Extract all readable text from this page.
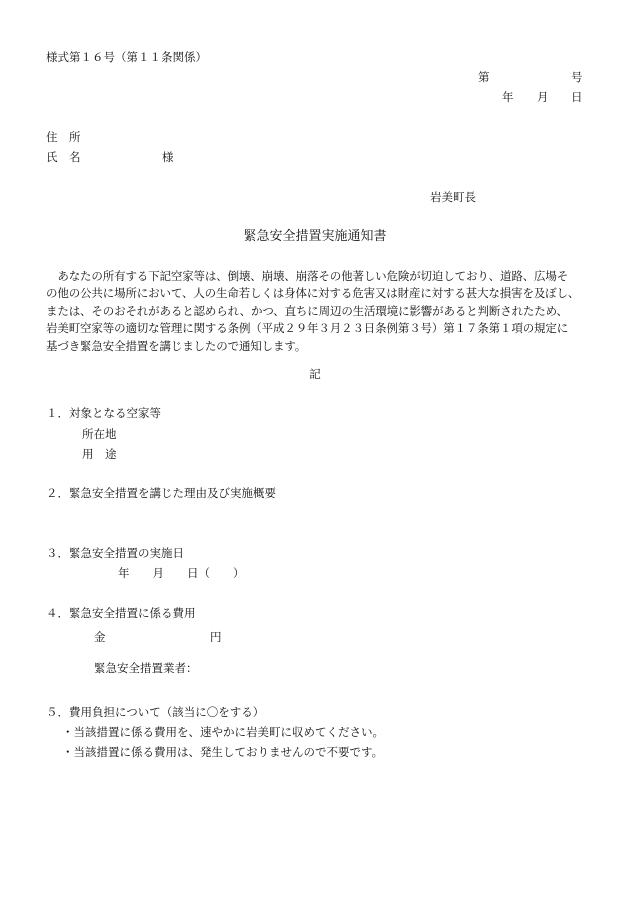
様式第１６号（第１１条関係）
第	号
年 月 日
住　所
氏　名	様
岩美町長
緊急安全措置実施通知書
　あなたの所有する下記空家等は、倒壊、崩壊、崩落その他著しい危険が切迫しており、道路、広場そ
の他の公共に場所において、人の生命若しくは身体に対する危害又は財産に対する甚大な損害を及ぼし、
または、そのおそれがあると認められ、かつ、直ちに周辺の生活環境に影響があると判断されたため、
岩美町空家等の適切な管理に関する条例（平成２９年３月２３日条例第３号）第１７条第１項の規定に
基づき緊急安全措置を講じましたので通知します。
記
１．対象となる空家等
所在地
用　途
２．緊急安全措置を講じた理由及び実施概要
３．緊急安全措置の実施日
年　　月　　日（　　）
４．緊急安全措置に係る費用
金	円
緊急安全措置業者：
５．費用負担について（該当に〇をする）
・当該措置に係る費用を、速やかに岩美町に収めてください。
・当該措置に係る費用は、発生しておりませんので不要です。
